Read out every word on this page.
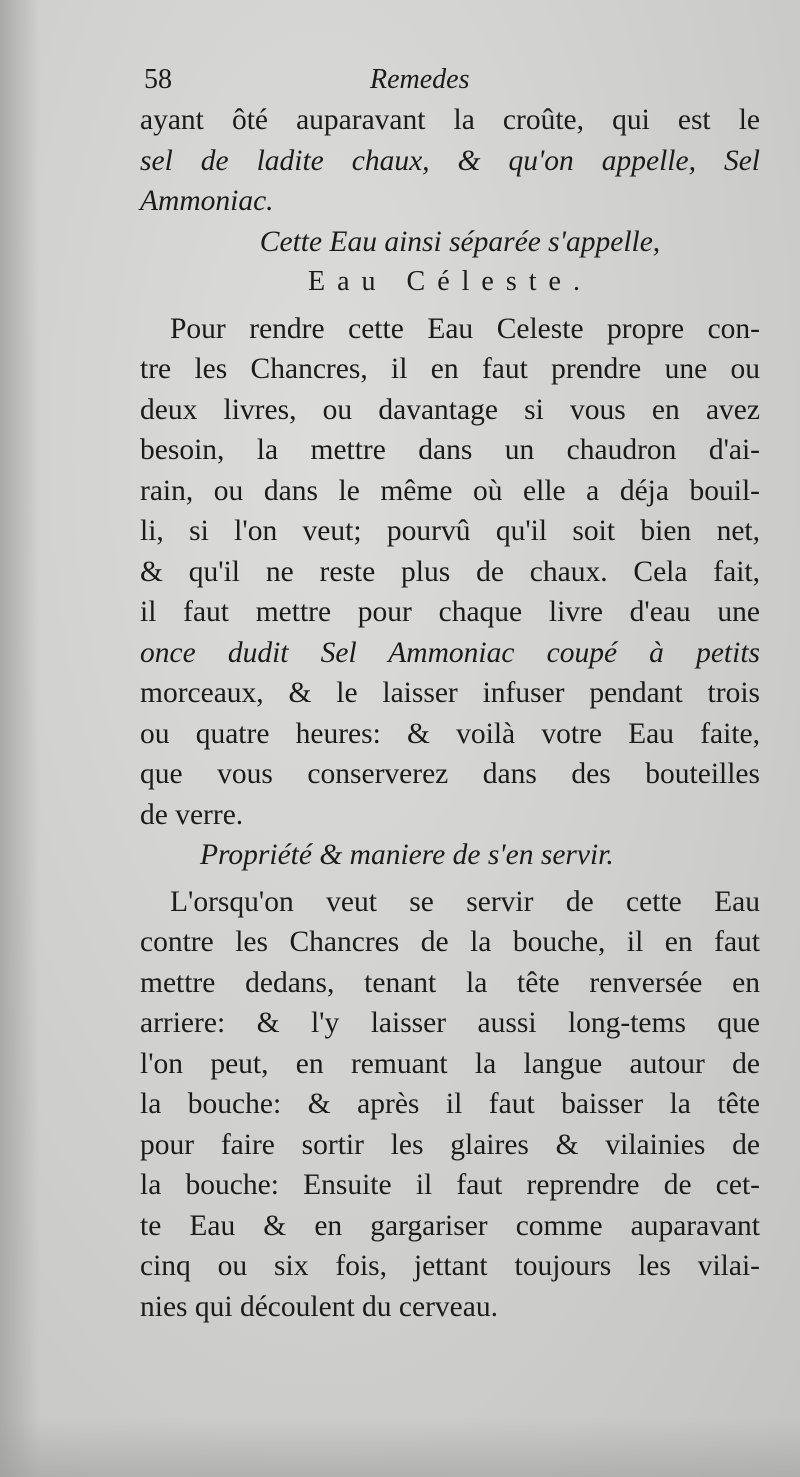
58	Remedes
ayant ôté auparavant la croûte, qui est le
sel de ladite chaux, & qu'on appelle, Sel
Ammoniac.
Cette Eau ainsi séparée s'appelle,
Eau Céleste.
Pour rendre cette Eau Celeste propre con-
tre les Chancres, il en faut prendre une ou
deux livres, ou davantage si vous en avez
besoin, la mettre dans un chaudron d'ai-
rain, ou dans le même où elle a déja bouil-
li, si l'on veut; pourvû qu'il soit bien net,
& qu'il ne reste plus de chaux. Cela fait,
il faut mettre pour chaque livre d'eau une
once dudit Sel Ammoniac coupé à petits
morceaux, & le laisser infuser pendant trois
ou quatre heures: & voilà votre Eau faite,
que vous conserverez dans des bouteilles
de verre.
Propriété & maniere de s'en servir.
L'orsqu'on veut se servir de cette Eau
contre les Chancres de la bouche, il en faut
mettre dedans, tenant la tête renversée en
arriere: & l'y laisser aussi long-tems que
l'on peut, en remuant la langue autour de
la bouche: & après il faut baisser la tête
pour faire sortir les glaires & vilainies de
la bouche: Ensuite il faut reprendre de cet-
te Eau & en gargariser comme auparavant
cinq ou six fois, jettant toujours les vilai-
nies qui découlent du cerveau.
